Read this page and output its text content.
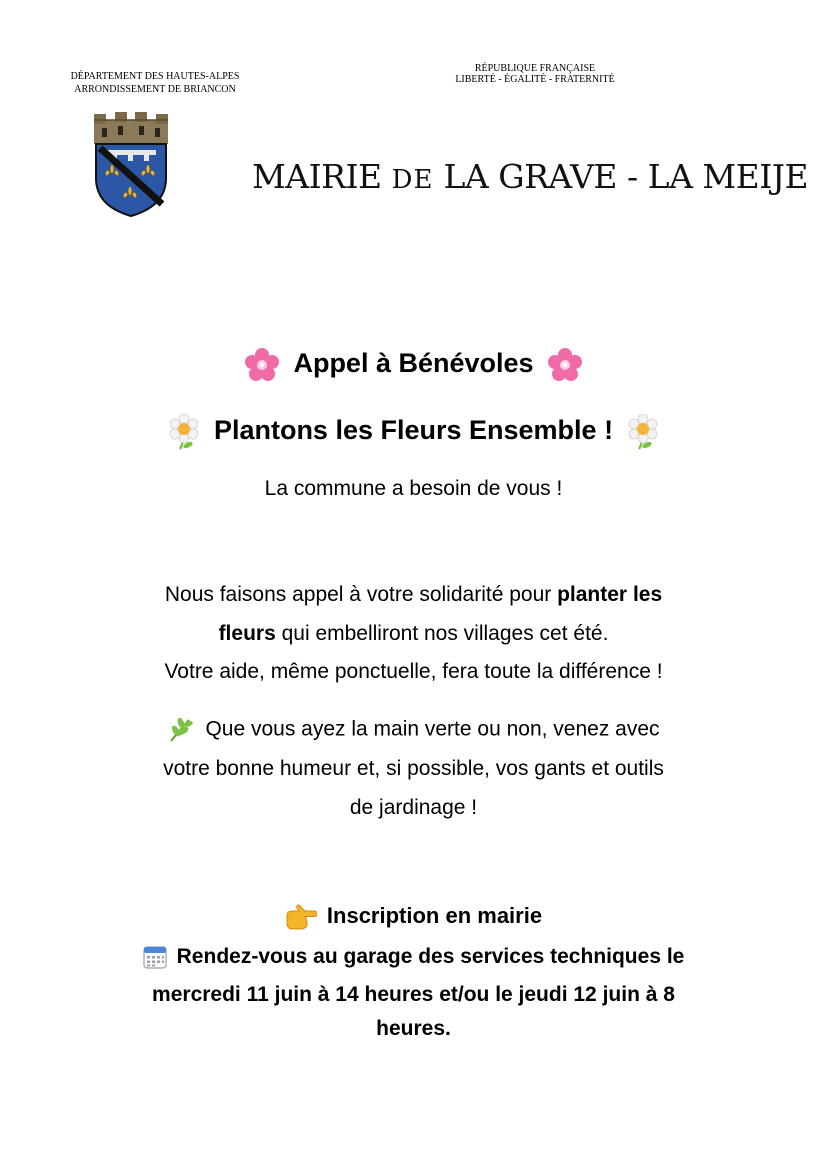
DÉPARTEMENT DES HAUTES-ALPES
ARRONDISSEMENT DE BRIANCON
RÉPUBLIQUE FRANÇAISE
LIBERTÉ - ÉGALITÉ - FRATERNITÉ
MAIRIE DE LA GRAVE - LA MEIJE
Appel à Bénévoles
Plantons les Fleurs Ensemble !
La commune a besoin de vous !
Nous faisons appel à votre solidarité pour planter les
fleurs qui embelliront nos villages cet été.
Votre aide, même ponctuelle, fera toute la différence !
Que vous ayez la main verte ou non, venez avec
votre bonne humeur et, si possible, vos gants et outils
de jardinage !
Inscription en mairie
Rendez-vous au garage des services techniques le
mercredi 11 juin à 14 heures et/ou le jeudi 12 juin à 8
heures.
